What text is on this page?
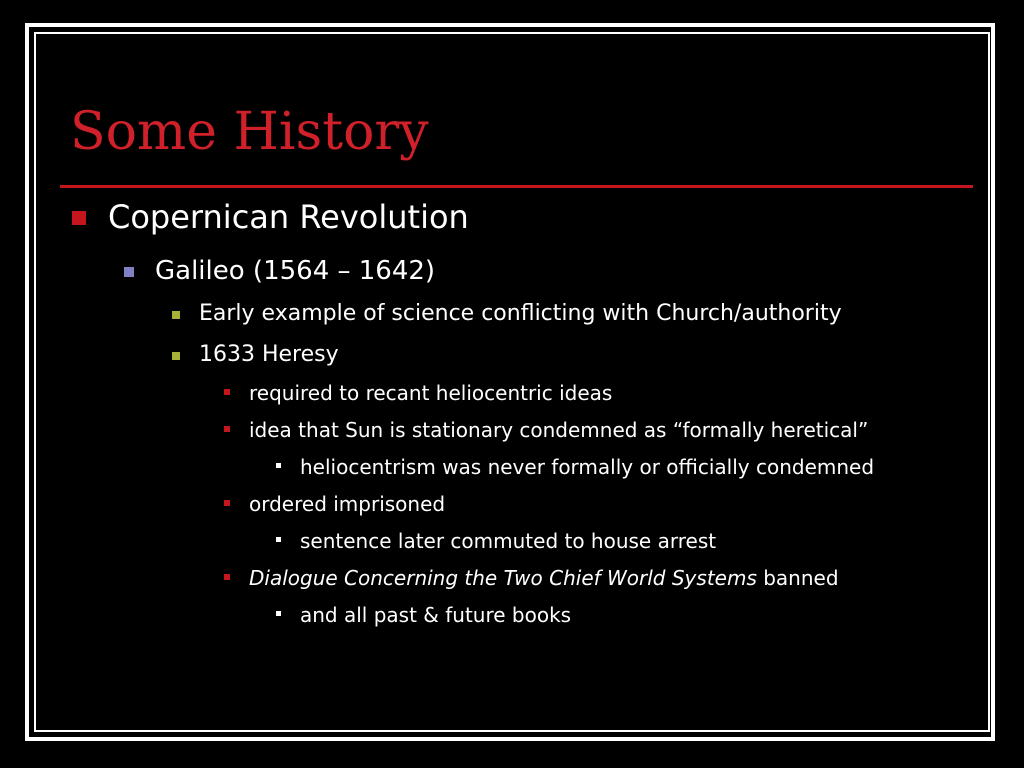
Some History
Copernican Revolution
Galileo (1564 – 1642)
Early example of science conflicting with Church/authority
1633 Heresy
required to recant heliocentric ideas
idea that Sun is stationary condemned as “formally heretical”
heliocentrism was never formally or officially condemned
ordered imprisoned
sentence later commuted to house arrest
Dialogue Concerning the Two Chief World Systems banned
and all past & future books
